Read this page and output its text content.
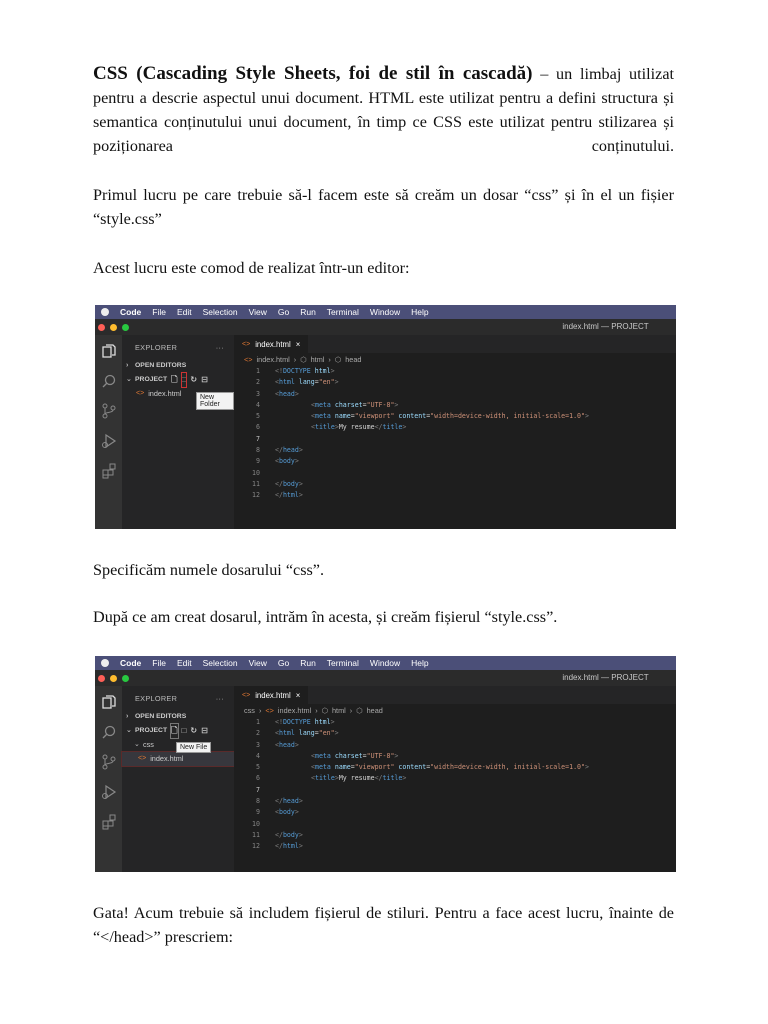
CSS (Cascading Style Sheets, foi de stil în cascadă) – un limbaj utilizat pentru a descrie aspectul unui document. HTML este utilizat pentru a defini structura și semantica conținutului unui document, în timp ce CSS este utilizat pentru stilizarea și poziționarea conținutului.

Primul lucru pe care trebuie să-l facem este să creăm un dosar “css” și în el un fișier “style.css”

Acest lucru este comod de realizat într-un editor:

Code File Edit Selection View Go Run Terminal Window Help
index.html — PROJECT
EXPLORER	···
› OPEN EDITORS
⌄ PROJECT 🗋 □ ↻ ⊟
<> index.html	New Folder
<> index.html ×
<> index.html › ⬡ html › ⬡ head
1	<! DOCTYPE html >
2	< html lang = "en" >
3	< head >
4	< meta charset = "UTF-8" >
5	< meta name = "viewport" content = "width=device-width, initial-scale=1.0" >
6	< title > My resume </ title >
7
8	</ head >
9	< body >
10
11	</ body >
12	</ html >

Specificăm numele dosarului “css”.

După ce am creat dosarul, intrăm în acesta, și creăm fișierul “style.css”.

Code File Edit Selection View Go Run Terminal Window Help
index.html — PROJECT
EXPLORER	···
› OPEN EDITORS
⌄ PROJECT 🗋 □ ↻ ⊟
⌄ css
<> index.html
New File
<> index.html ×
css › <> index.html › ⬡ html › ⬡ head
1	<! DOCTYPE html >
2	< html lang = "en" >
3	< head >
4	< meta charset = "UTF-8" >
5	< meta name = "viewport" content = "width=device-width, initial-scale=1.0" >
6	< title > My resume </ title >
7
8	</ head >
9	< body >
10
11	</ body >
12	</ html >

Gata! Acum trebuie să includem fișierul de stiluri. Pentru a face acest lucru, înainte de “</head>” prescriem:
